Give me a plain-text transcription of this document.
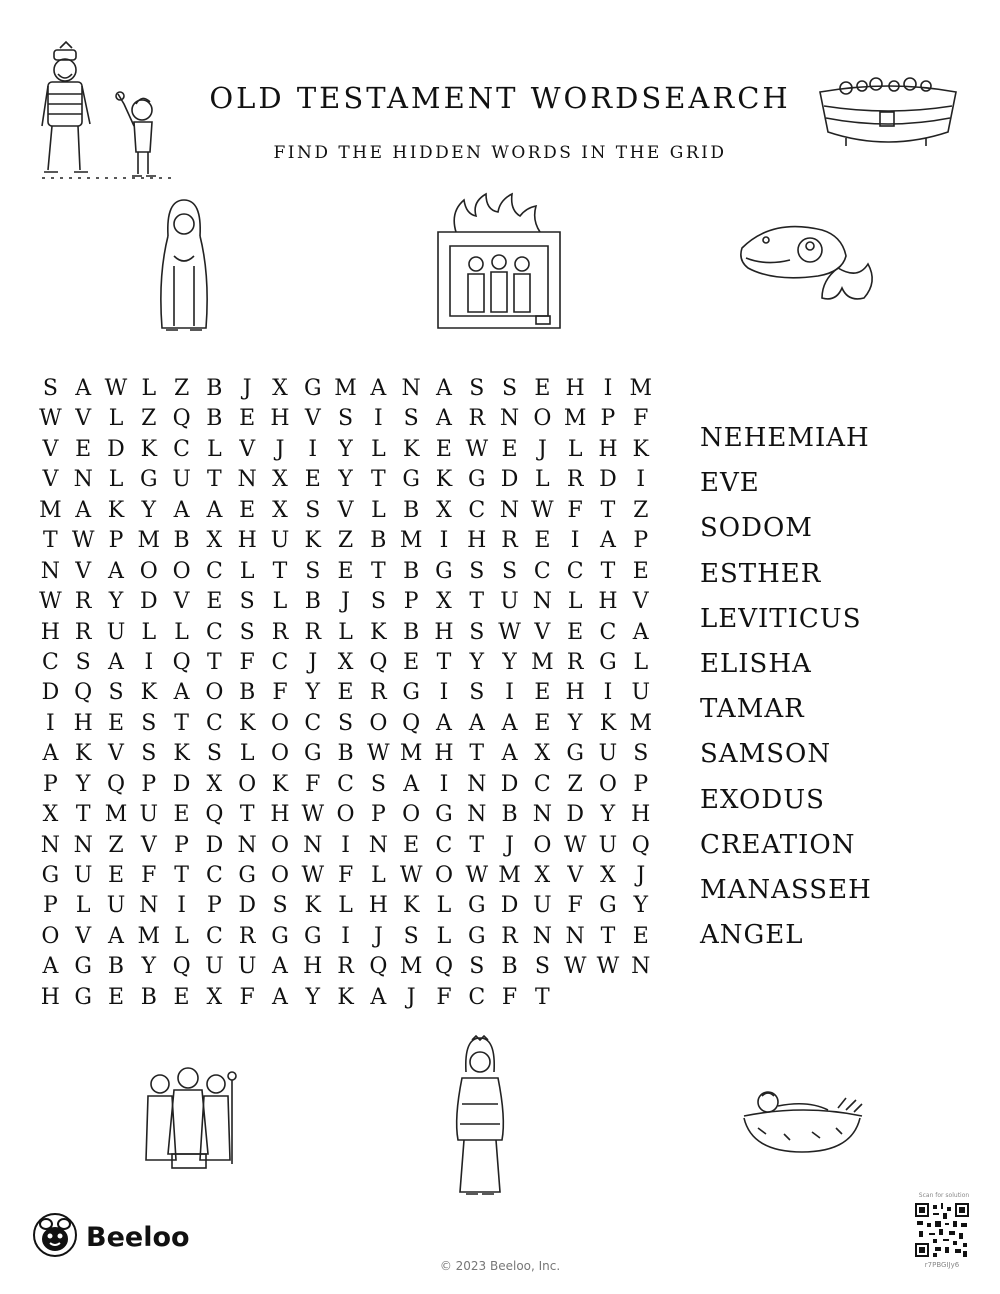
OLD TESTAMENT WORDSEARCH
FIND THE HIDDEN WORDS IN THE GRID
S A W L Z B J X G M A N A S S E H I M
W V L Z Q B E H V S I S A R N O M P F
V E D K C L V J	I Y L K E W E J L H K
V N L G U T N X E Y T G K G D L R D I
M A K Y A A E X S V L B X C N W F T Z
T W P M B X H U K Z B M I H R E I A P
N V A O O C L T S E T B G S S C C T E
W R Y D V E S L B J S P X T U N L H V
H R U L L C S R R L K B H S W V E C A
C S A I Q T F C J X Q E T Y Y M R G L
D Q S K A O B F Y E R G I S I E H I U
I H E S T C K O C S O Q A A A E Y K M
A K V S K S L O G B W M H T A X G U S
P Y Q P D X O K F C S A I N D C Z O P
X T M U E Q T H W O P O G N B N D Y H
N N Z V P D N O N I N E C T J O W U Q
G U E F T C G O W F L W O W M X V X J
P L U N I P D S K L H K L G D U F G Y
O V A M L C R G G I	J S L G R N N T E
A G B Y Q U U A H R Q M Q S B S W W N
H G E B E X F A Y K A J F C F T
NEHEMIAH
EVE
SODOM
ESTHER
LEVITICUS
ELISHA
TAMAR
SAMSON
EXODUS
CREATION
MANASSEH
ANGEL
Beeloo
© 2023 Beeloo, Inc.
Scan for solution
r7PBGIJy6
